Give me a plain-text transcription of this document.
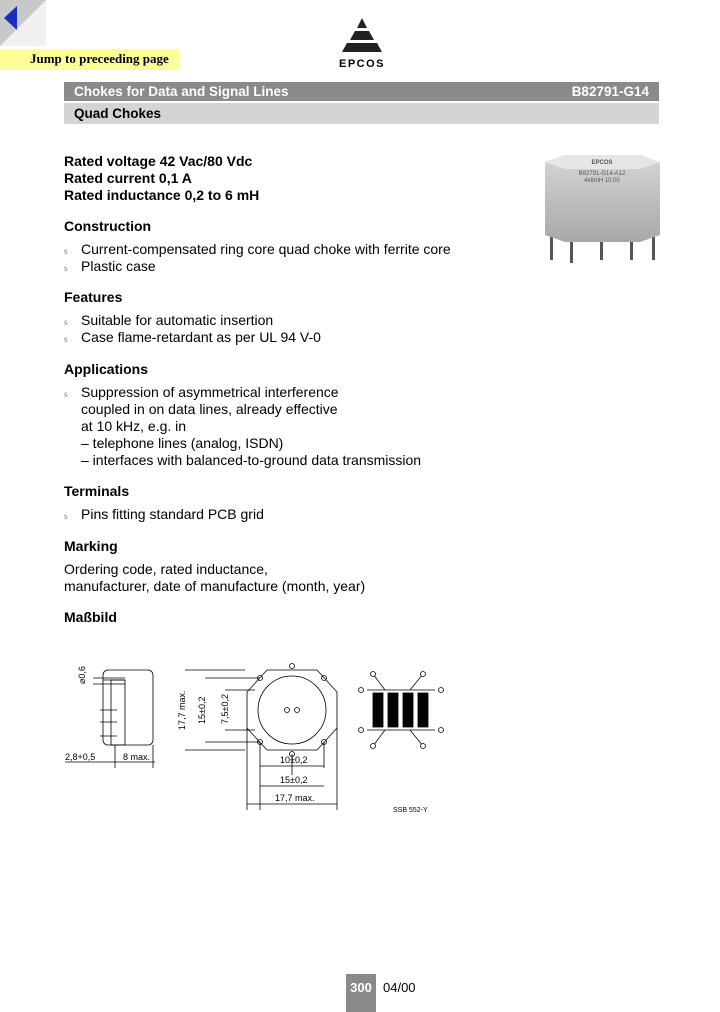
Jump to preceeding page	EPCOS
Chokes for Data and Signal Lines	B82791-G14
Quad Chokes
Rated voltage 42 Vac/80 Vdc
Rated current 0,1 A
Rated inductance 0,2 to 6 mH
EPCOS
B82791-G14-A12
4x6mH 10.00
Construction
s Current-compensated ring core quad choke with ferrite core
s Plastic case
Features
s Suitable for automatic insertion
s Case flame-retardant as per UL 94 V-0
Applications
s Suppression of asymmetrical interference
coupled in on data lines, already effective
at 10 kHz, e.g. in
– telephone lines (analog, ISDN)
– interfaces with balanced-to-ground data transmission
Terminals
s Pins fitting standard PCB grid
Marking
Ordering code, rated inductance,
manufacturer, date of manufacture (month, year)
Maßbild
⌀0,6
2,8+0,5	8 max.
17,7 max. 15±0,2 7,5±0,2
10±0,2
15±0,2
17,7 max.
SSB 552-Y
300 04/00
